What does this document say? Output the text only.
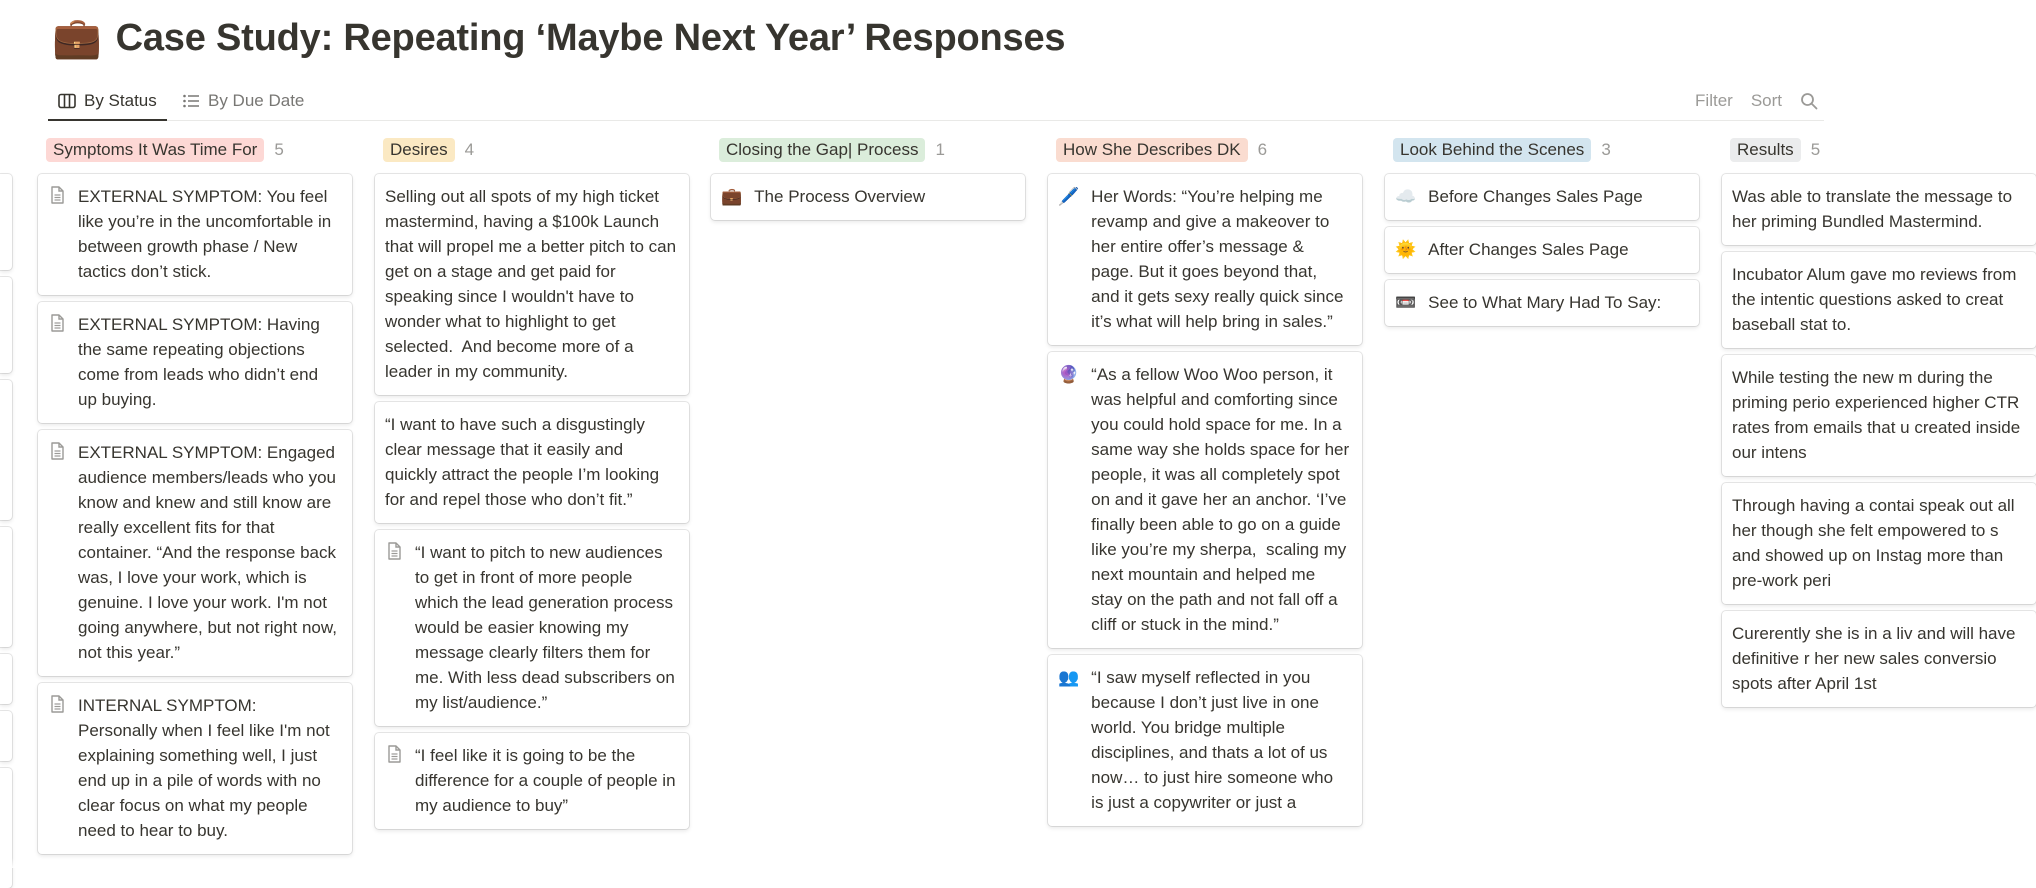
💼 Case Study: Repeating ‘Maybe Next Year’ Responses
By Status	By Due Date	Filter Sort
Symptoms It Was Time For	5
EXTERNAL SYMPTOM: You feel like you’re in the uncomfortable in between growth phase / New tactics don’t stick.
EXTERNAL SYMPTOM: Having the same repeating objections come from leads who didn’t end up buying.
EXTERNAL SYMPTOM: Engaged audience members/leads who you know and knew and still know are really excellent fits for that container. “And the response back was, I love your work, which is genuine. I love your work. I'm not going anywhere, but not right now, not this year.”
INTERNAL SYMPTOM: Personally when I feel like I'm not explaining something well, I just end up in a pile of words with no clear focus on what my people need to hear to buy.
Desires	4
Selling out all spots of my high ticket mastermind, having a $100k Launch that will propel me a better pitch to can get on a stage and get paid for speaking since I wouldn't have to wonder what to highlight to get selected.  And become more of a leader in my community.
“I want to have such a disgustingly clear message that it easily and quickly attract the people I’m looking for and repel those who don’t fit.”
“I want to pitch to new audiences to get in front of more people which the lead generation process would be easier knowing my message clearly filters them for me. With less dead subscribers on my list/audience.”
“I feel like it is going to be the difference for a couple of people in my audience to buy”
Closing the Gap| Process	1
💼 The Process Overview
How She Describes DK	6
🖊️ Her Words: “You’re helping me revamp and give a makeover to her entire offer’s message & page. But it goes beyond that, and it gets sexy really quick since it’s what will help bring in sales.”
🔮 “As a fellow Woo Woo person, it was helpful and comforting since you could hold space for me. In a same way she holds space for her people, it was all completely spot on and it gave her an anchor. ‘I’ve finally been able to go on a guide like you’re my sherpa,  scaling my next mountain and helped me stay on the path and not fall off a cliff or stuck in the mind.”
👥 “I saw myself reflected in you because I don’t just live in one world. You bridge multiple disciplines, and thats a lot of us now… to just hire someone who is just a copywriter or just a
Look Behind the Scenes	3
☁️ Before Changes Sales Page
🌞 After Changes Sales Page
📼 See to What Mary Had To Say:
Results	5
Was able to translate the message to her priming Bundled Mastermind.
Incubator Alum gave mo reviews from the intentic questions asked to creat baseball stat to.
While testing the new m during the priming perio experienced higher CTR rates from emails that u created inside our intens
Through having a contai speak out all her though she felt empowered to s and showed up on Instag more than pre-work peri
Curerently she is in a liv and will have definitive r her new sales conversio spots after April 1st
